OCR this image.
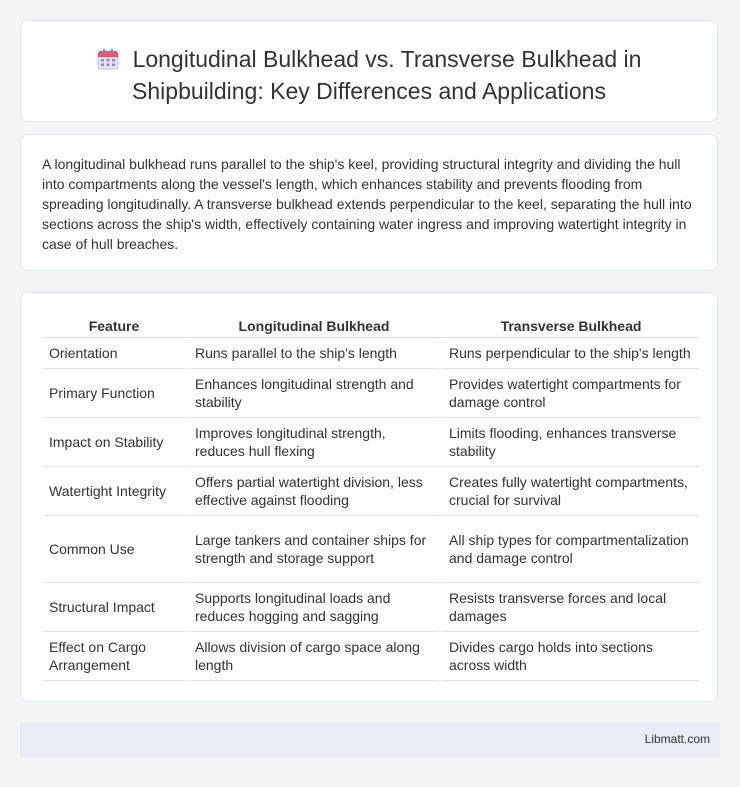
Longitudinal Bulkhead vs. Transverse Bulkhead in
Shipbuilding: Key Differences and Applications

A longitudinal bulkhead runs parallel to the ship's keel, providing structural integrity and dividing the hull into compartments along the vessel's length, which enhances stability and prevents flooding from spreading longitudinally. A transverse bulkhead extends perpendicular to the keel, separating the hull into sections across the ship's width, effectively containing water ingress and improving watertight integrity in case of hull breaches.

Feature	Longitudinal Bulkhead	Transverse Bulkhead
Orientation	Runs parallel to the ship's length	Runs perpendicular to the ship's length
Primary Function	Enhances longitudinal strength and stability	Provides watertight compartments for damage control
Impact on Stability	Improves longitudinal strength, reduces hull flexing	Limits flooding, enhances transverse stability
Watertight Integrity	Offers partial watertight division, less effective against flooding	Creates fully watertight compartments, crucial for survival
Common Use	Large tankers and container ships for strength and storage support	All ship types for compartmentalization and damage control
Structural Impact	Supports longitudinal loads and reduces hogging and sagging	Resists transverse forces and local damages
Effect on Cargo Arrangement	Allows division of cargo space along length	Divides cargo holds into sections across width
Libmatt.com
